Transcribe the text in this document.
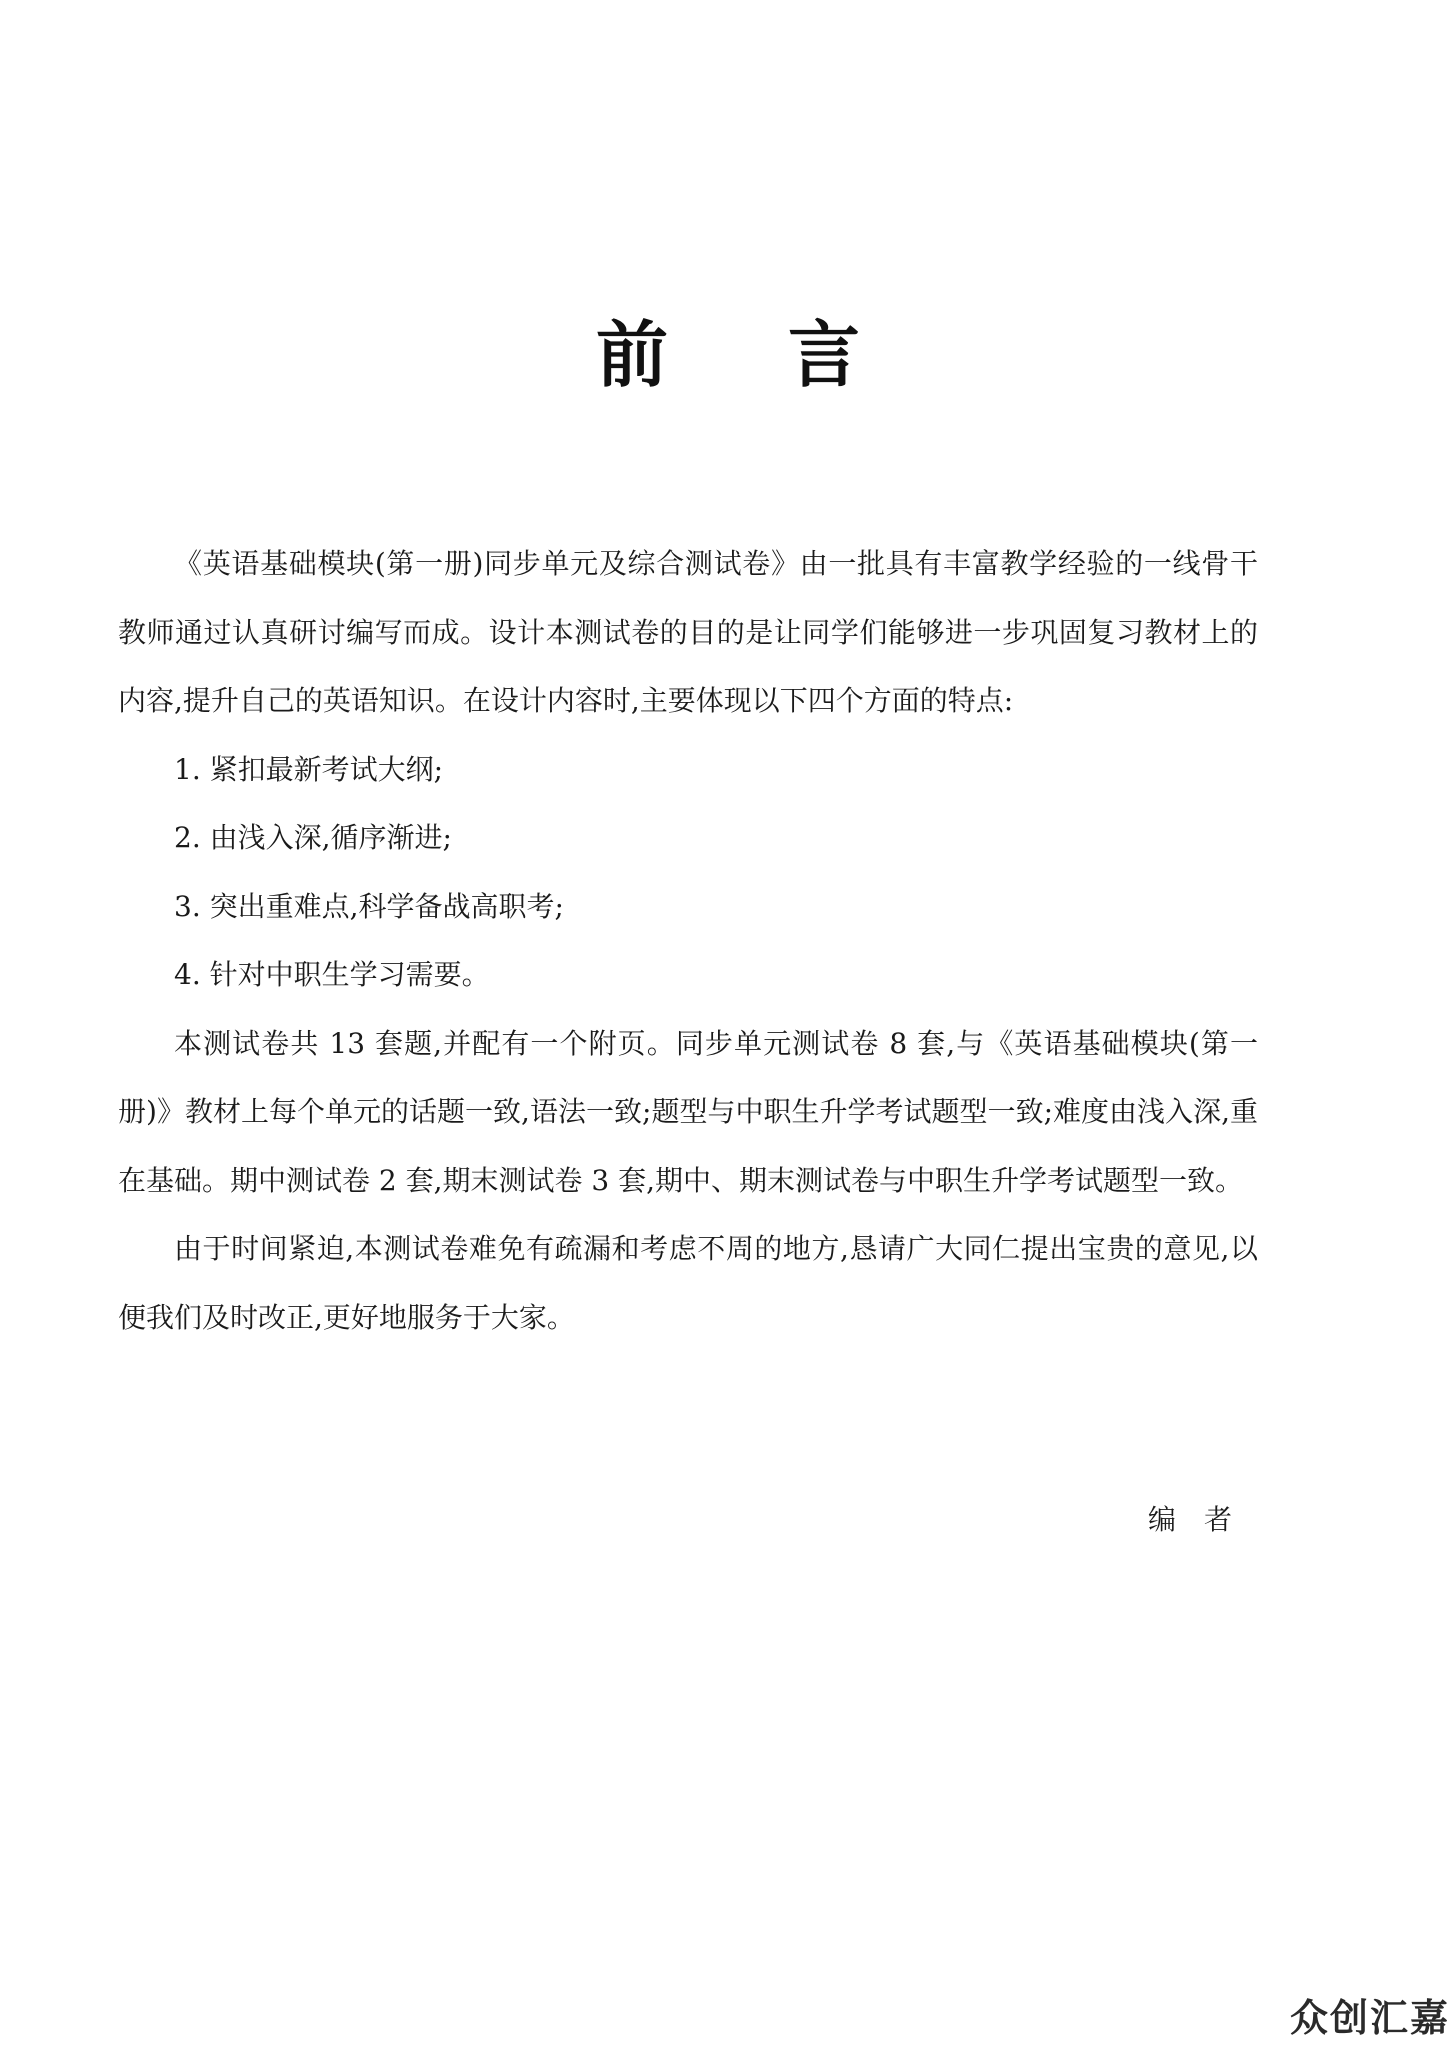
前 言

《英语基础模块(第一册)同步单元及综合测试卷》由一批具有丰富教学经验的一线骨干教师通过认真研讨编写而成。设计本测试卷的目的是让同学们能够进一步巩固复习教材上的内容,提升自己的英语知识。在设计内容时,主要体现以下四个方面的特点:

1. 紧扣最新考试大纲;

2. 由浅入深,循序渐进;

3. 突出重难点,科学备战高职考;

4. 针对中职生学习需要。

本测试卷共 13 套题,并配有一个附页。同步单元测试卷 8 套,与《英语基础模块(第一册)》教材上每个单元的话题一致,语法一致;题型与中职生升学考试题型一致;难度由浅入深,重在基础。期中测试卷 2 套,期末测试卷 3 套,期中、期末测试卷与中职生升学考试题型一致。

由于时间紧迫,本测试卷难免有疏漏和考虑不周的地方,恳请广大同仁提出宝贵的意见,以便我们及时改正,更好地服务于大家。

编者
众创汇嘉
